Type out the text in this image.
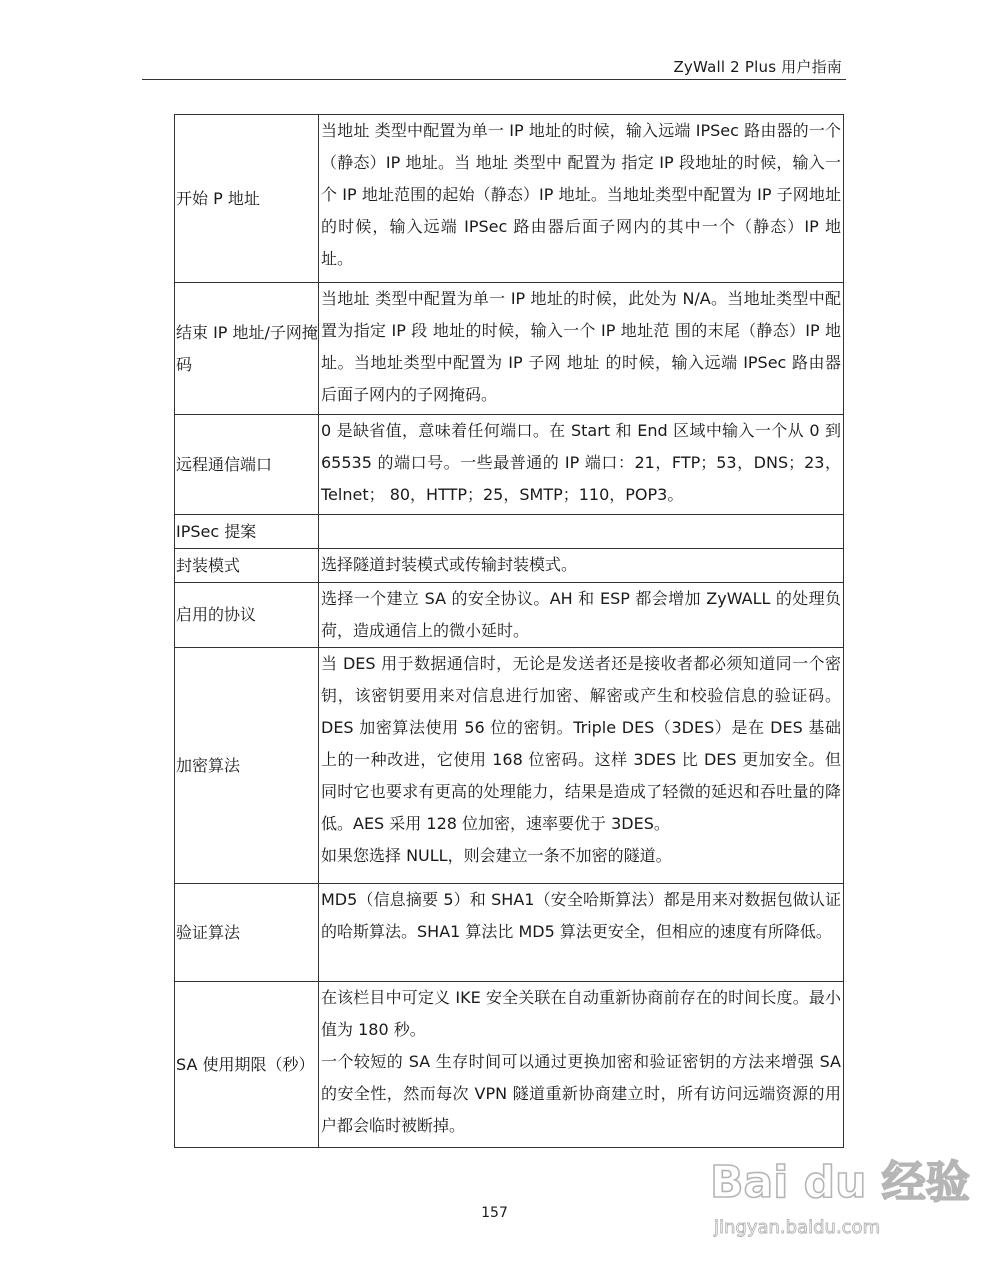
ZyWall 2 Plus 用户指南
开始 P 地址	当地址 类型中配置为单一 IP 地址的时候，输入远端 IPSec 路由器的一个（静态）IP 地址。当 地址 类型中 配置为 指定 IP 段地址的时候，输入一个 IP 地址范围的起始（静态）IP 地址。当地址类型中配置为 IP 子网地址的时候，输入远端 IPSec 路由器后面子网内的其中一个（静态）IP 地址。

结束 IP 地址/子网掩码	当地址 类型中配置为单一 IP 地址的时候，此处为 N/A。当地址类型中配置为指定 IP 段 地址的时候，输入一个 IP 地址范 围的末尾（静态）IP 地址。当地址类型中配置为 IP 子网 地址 的时候，输入远端 IPSec 路由器后面子网内的子网掩码。

远程通信端口	0 是缺省值，意味着任何端口。在 Start 和 End 区域中输入一个从 0 到 65535 的端口号。一些最普通的 IP 端口：21，FTP；53，DNS；23，Telnet； 80，HTTP；25，SMTP；110，POP3。

IPSec 提案	
封装模式	选择隧道封装模式或传输封装模式。

启用的协议	选择一个建立 SA 的安全协议。AH 和 ESP 都会增加 ZyWALL 的处理负荷，造成通信上的微小延时。

加密算法	当 DES 用于数据通信时，无论是发送者还是接收者都必须知道同一个密钥，该密钥要用来对信息进行加密、解密或产生和校验信息的验证码。DES 加密算法使用 56 位的密钥。Triple DES（3DES）是在 DES 基础上的一种改进，它使用 168 位密码。这样 3DES 比 DES 更加安全。但同时它也要求有更高的处理能力，结果是造成了轻微的延迟和吞吐量的降低。AES 采用 128 位加密，速率要优于 3DES。

如果您选择 NULL，则会建立一条不加密的隧道。

验证算法	MD5（信息摘要 5）和 SHA1（安全哈斯算法）都是用来对数据包做认证的哈斯算法。SHA1 算法比 MD5 算法更安全，但相应的速度有所降低。

SA 使用期限（秒）	在该栏目中可定义 IKE 安全关联在自动重新协商前存在的时间长度。最小值为 180 秒。

一个较短的 SA 生存时间可以通过更换加密和验证密钥的方法来增强 SA 的安全性，然而每次 VPN 隧道重新协商建立时，所有访问远端资源的用户都会临时被断掉。

157
Bai du 经验
jingyan.baidu.com
